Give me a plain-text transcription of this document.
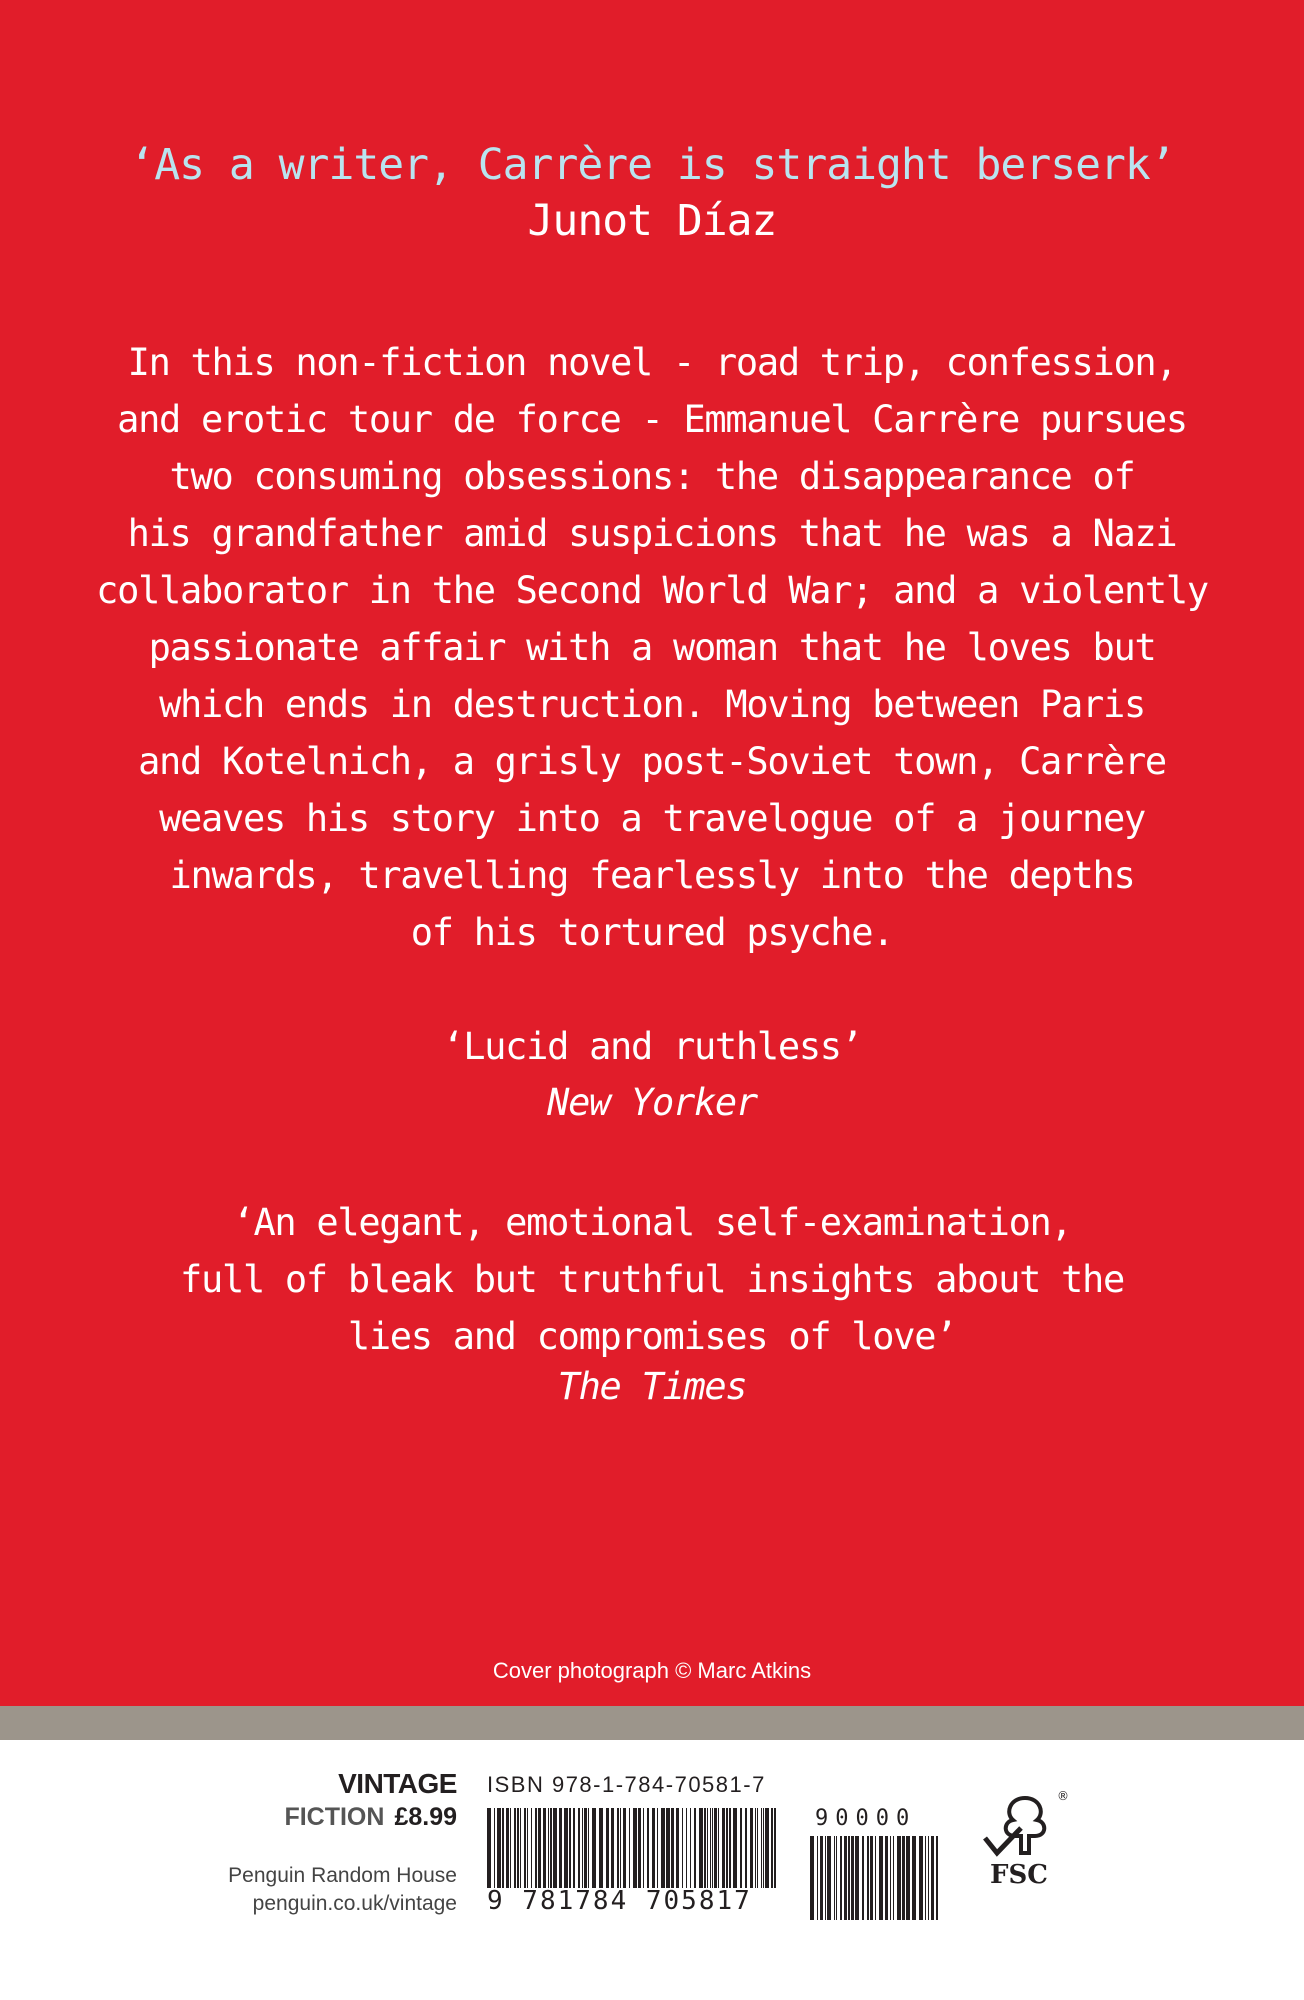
‘As a writer, Carrère is straight berserk’
Junot Díaz
In this non-fiction novel - road trip, confession,
and erotic tour de force - Emmanuel Carrère pursues
two consuming obsessions: the disappearance of
his grandfather amid suspicions that he was a Nazi
collaborator in the Second World War; and a violently
passionate affair with a woman that he loves but
which ends in destruction. Moving between Paris
and Kotelnich, a grisly post-Soviet town, Carrère
weaves his story into a travelogue of a journey
inwards, travelling fearlessly into the depths
of his tortured psyche.
‘Lucid and ruthless’
New Yorker
‘An elegant, emotional self-examination,
full of bleak but truthful insights about the
lies and compromises of love’
The Times
Cover photograph © Marc Atkins
VINTAGE
FICTION £8.99
Penguin Random House
penguin.co.uk/vintage
ISBN 978-1-784-70581-7
9 781784 705817
90000
®
FSC
